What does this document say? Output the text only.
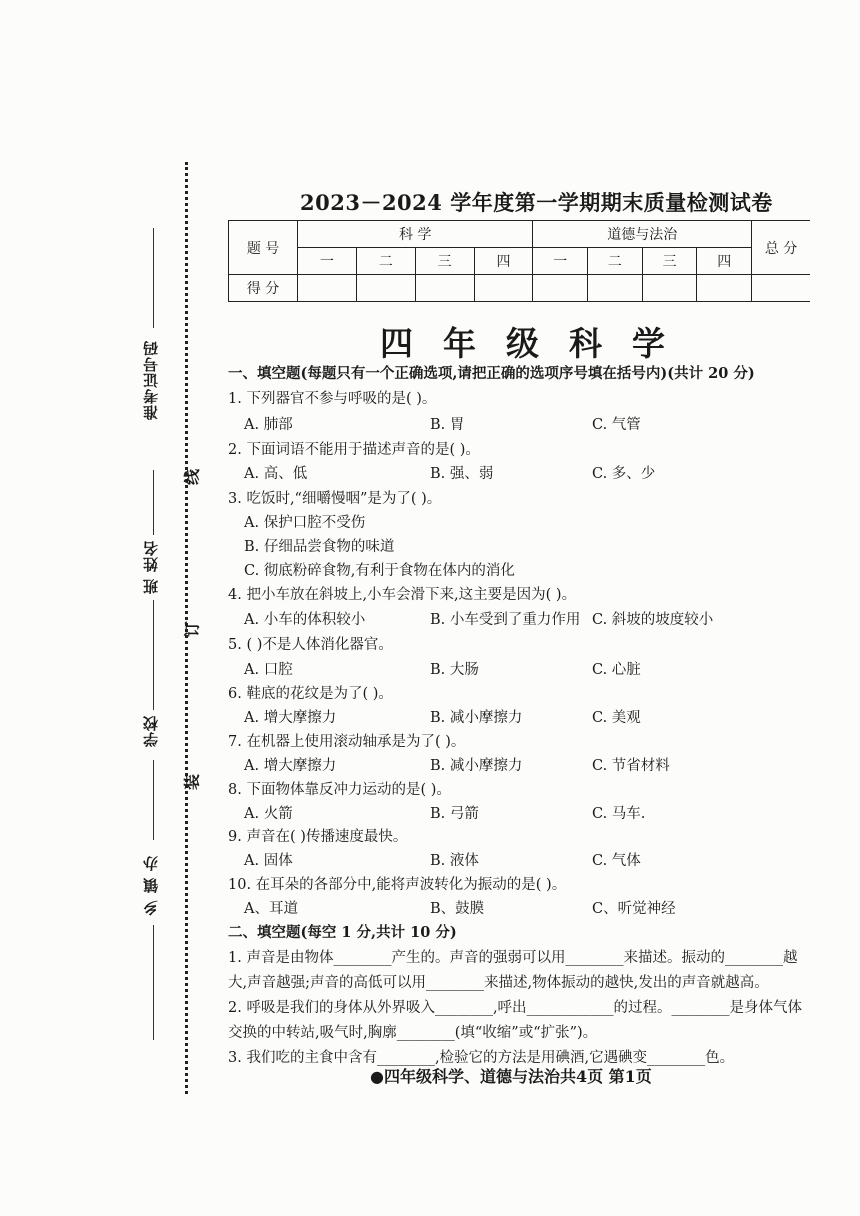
准考证号码
班 姓名
学校
乡 镇 办
线
订
装
2023－2024 学年度第一学期期末质量检测试卷
题 号	科 学				道德与法治				总 分
	一	二	三	四	一	二	三	四	
得 分									
四年级科学
一、填空题(每题只有一个正确选项,请把正确的选项序号填在括号内)(共计 20 分)
1. 下列器官不参与呼吸的是( )。
A. 肺部	B. 胃	C. 气管
2. 下面词语不能用于描述声音的是( )。
A. 高、低	B. 强、弱	C. 多、少
3. 吃饭时,“细嚼慢咽”是为了( )。
A. 保护口腔不受伤
B. 仔细品尝食物的味道
C. 彻底粉碎食物,有利于食物在体内的消化
4. 把小车放在斜坡上,小车会滑下来,这主要是因为( )。
A. 小车的体积较小	B. 小车受到了重力作用 C. 斜坡的坡度较小
5. ( )不是人体消化器官。
A. 口腔	B. 大肠	C. 心脏
6. 鞋底的花纹是为了( )。
A. 增大摩擦力	B. 减小摩擦力	C. 美观
7. 在机器上使用滚动轴承是为了( )。
A. 增大摩擦力	B. 减小摩擦力	C. 节省材料
8. 下面物体靠反冲力运动的是( )。
A. 火箭	B. 弓箭	C. 马车.
9. 声音在( )传播速度最快。
A. 固体	B. 液体	C. 气体
10. 在耳朵的各部分中,能将声波转化为振动的是( )。
A、耳道	B、鼓膜	C、听觉神经
二、填空题(每空 1 分,共计 10 分)
1. 声音是由物体________产生的。声音的强弱可以用________来描述。振动的________越
大,声音越强;声音的高低可以用________来描述,物体振动的越快,发出的声音就越高。
2. 呼吸是我们的身体从外界吸入________,呼出____________的过程。________是身体气体
交换的中转站,吸气时,胸廓________(填“收缩”或“扩张”)。
3. 我们吃的主食中含有________,检验它的方法是用碘酒,它遇碘变________色。
●四年级科学、道德与法治共4页 第1页
